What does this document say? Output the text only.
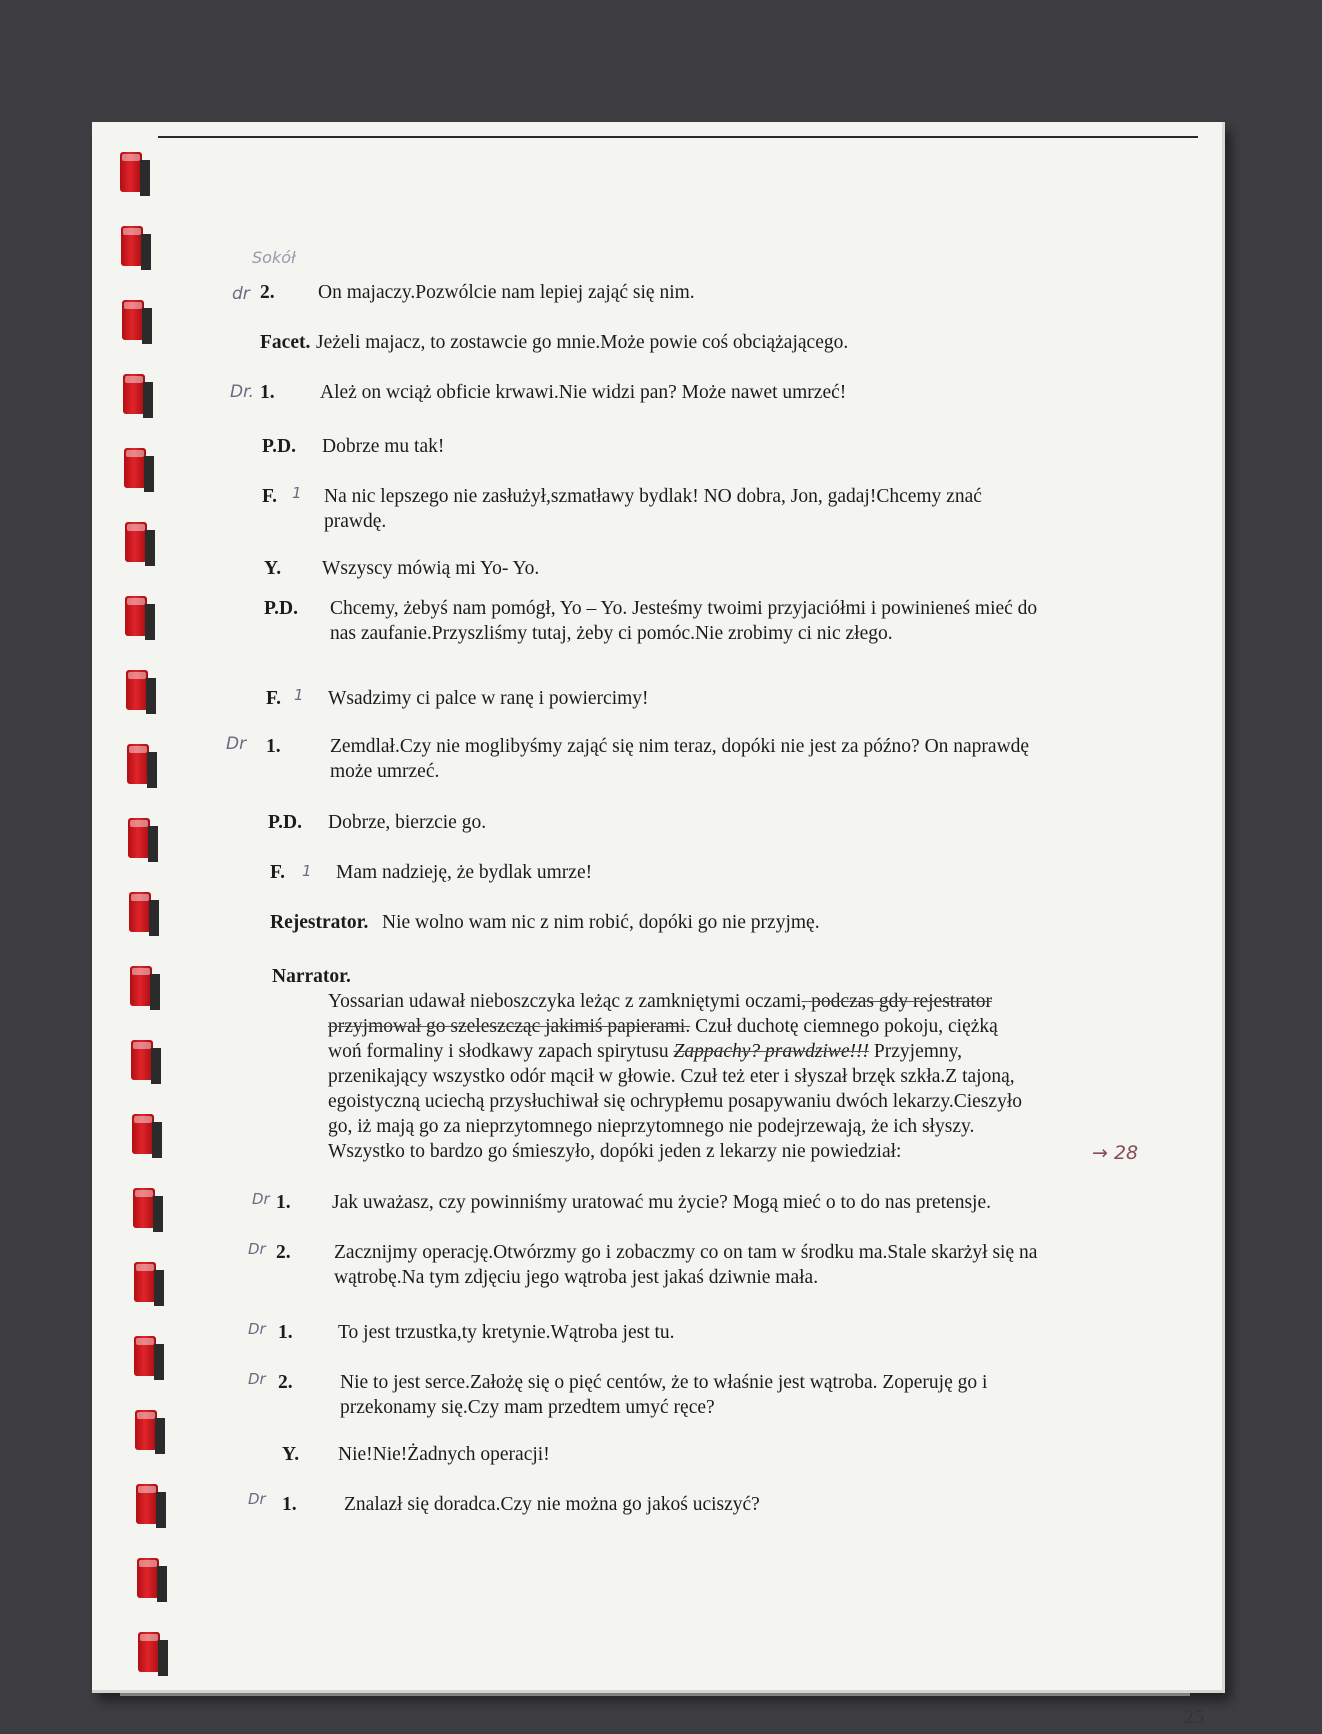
Sokół
dr
Dr.
1
1
Dr
1
→ 28
Dr
Dr
Dr
Dr
Dr
2. On majaczy.Pozwólcie nam lepiej zająć się nim.
Facet. Jeżeli majacz, to zostawcie go mnie.Może powie coś obciążającego.
1. Ależ on wciąż obficie krwawi.Nie widzi pan? Może nawet umrzeć!
P.D. Dobrze mu tak!
F. Na nic lepszego nie zasłużył,szmatławy bydlak! NO dobra, Jon, gadaj!Chcemy znać prawdę.
Y. Wszyscy mówią mi Yo- Yo.
P.D. Chcemy, żebyś nam pomógł, Yo – Yo. Jesteśmy twoimi przyjaciółmi i powinieneś mieć do nas zaufanie.Przyszliśmy tutaj, żeby ci pomóc.Nie zrobimy ci nic złego.
F. Wsadzimy ci palce w ranę i powiercimy!
1.	Zemdlał.Czy nie moglibyśmy zająć się nim teraz, dopóki nie jest za późno? On naprawdę może umrzeć.
P.D. Dobrze, bierzcie go.
F.	Mam nadzieję, że bydlak umrze!
Rejestrator. Nie wolno wam nic z nim robić, dopóki go nie przyjmę.
Narrator.
Yossarian udawał nieboszczyka leżąc z zamkniętymi oczami, podczas gdy rejestrator przyjmował go szeleszcząc jakimiś papierami. Czuł duchotę ciemnego pokoju, ciężką woń formaliny i słodkawy zapach spirytusu Zappachy? prawdziwe!!! Przyjemny, przenikający wszystko odór mącił w głowie. Czuł też eter i słyszał brzęk szkła.Z tajoną, egoistyczną uciechą przysłuchiwał się ochrypłemu posapywaniu dwóch lekarzy.Cieszyło go, iż mają go za nieprzytomnego nieprzytomnego nie podejrzewają, że ich słyszy. Wszystko to bardzo go śmieszyło, dopóki jeden z lekarzy nie powiedział:
1. Jak uważasz, czy powinniśmy uratować mu życie? Mogą mieć o to do nas pretensje.
2. Zacznijmy operację.Otwórzmy go i zobaczmy co on tam w środku ma.Stale skarżył się na wątrobę.Na tym zdjęciu jego wątroba jest jakaś dziwnie mała.
1. To jest trzustka,ty kretynie.Wątroba jest tu.
2. Nie to jest serce.Założę się o pięć centów, że to właśnie jest wątroba. Zoperuję go i przekonamy się.Czy mam przedtem umyć ręce?
Y. Nie!Nie!Żadnych operacji!
1. Znalazł się doradca.Czy nie można go jakoś uciszyć?
25
